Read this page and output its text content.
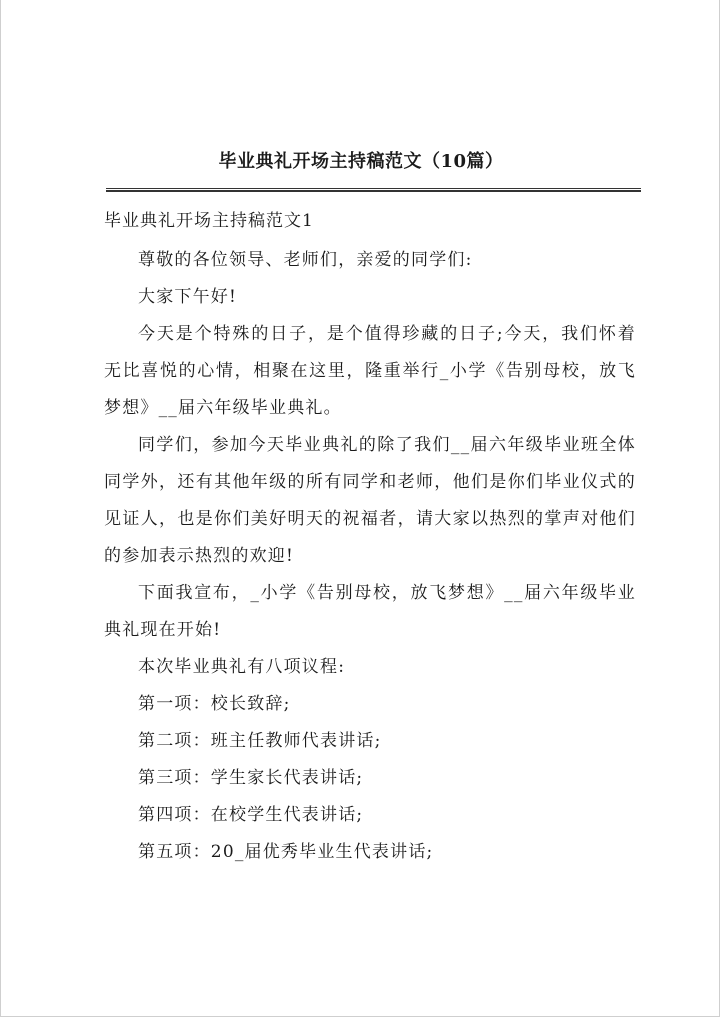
毕业典礼开场主持稿范文（10篇）
毕业典礼开场主持稿范文1

尊敬的各位领导、老师们，亲爱的同学们:

大家下午好!

今天是个特殊的日子，是个值得珍藏的日子;今天，我们怀着无比喜悦的心情，相聚在这里，隆重举行_小学《告别母校，放飞梦想》__届六年级毕业典礼。

同学们，参加今天毕业典礼的除了我们__届六年级毕业班全体同学外，还有其他年级的所有同学和老师，他们是你们毕业仪式的见证人，也是你们美好明天的祝福者，请大家以热烈的掌声对他们的参加表示热烈的欢迎!

下面我宣布，_小学《告别母校，放飞梦想》__届六年级毕业典礼现在开始!

本次毕业典礼有八项议程:

第一项：校长致辞;

第二项：班主任教师代表讲话;

第三项：学生家长代表讲话;

第四项：在校学生代表讲话;

第五项：20_届优秀毕业生代表讲话;
